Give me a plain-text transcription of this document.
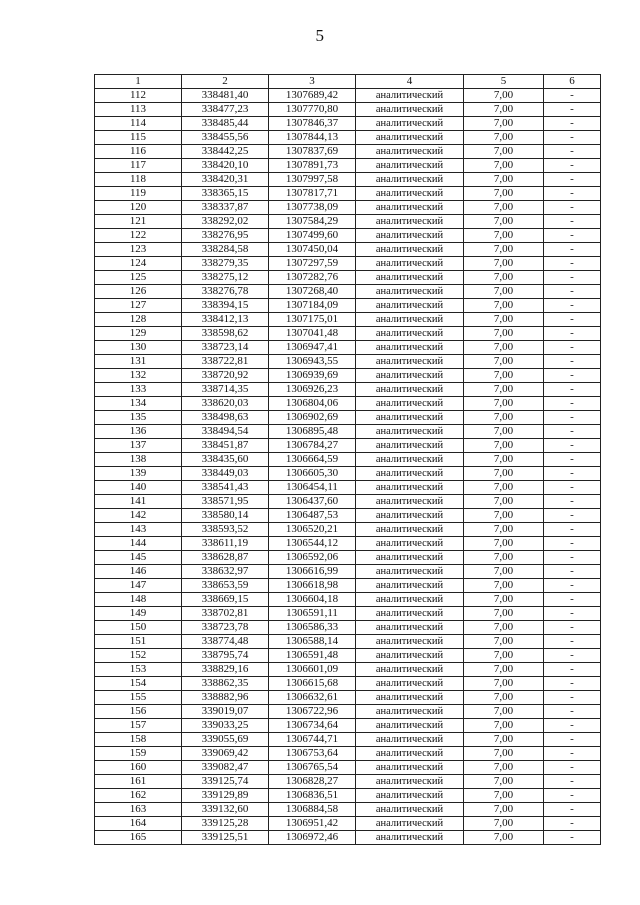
5
1	2	3	4	5	6
112	338481,40	1307689,42	аналитический	7,00	-
113	338477,23	1307770,80	аналитический	7,00	-
114	338485,44	1307846,37	аналитический	7,00	-
115	338455,56	1307844,13	аналитический	7,00	-
116	338442,25	1307837,69	аналитический	7,00	-
117	338420,10	1307891,73	аналитический	7,00	-
118	338420,31	1307997,58	аналитический	7,00	-
119	338365,15	1307817,71	аналитический	7,00	-
120	338337,87	1307738,09	аналитический	7,00	-
121	338292,02	1307584,29	аналитический	7,00	-
122	338276,95	1307499,60	аналитический	7,00	-
123	338284,58	1307450,04	аналитический	7,00	-
124	338279,35	1307297,59	аналитический	7,00	-
125	338275,12	1307282,76	аналитический	7,00	-
126	338276,78	1307268,40	аналитический	7,00	-
127	338394,15	1307184,09	аналитический	7,00	-
128	338412,13	1307175,01	аналитический	7,00	-
129	338598,62	1307041,48	аналитический	7,00	-
130	338723,14	1306947,41	аналитический	7,00	-
131	338722,81	1306943,55	аналитический	7,00	-
132	338720,92	1306939,69	аналитический	7,00	-
133	338714,35	1306926,23	аналитический	7,00	-
134	338620,03	1306804,06	аналитический	7,00	-
135	338498,63	1306902,69	аналитический	7,00	-
136	338494,54	1306895,48	аналитический	7,00	-
137	338451,87	1306784,27	аналитический	7,00	-
138	338435,60	1306664,59	аналитический	7,00	-
139	338449,03	1306605,30	аналитический	7,00	-
140	338541,43	1306454,11	аналитический	7,00	-
141	338571,95	1306437,60	аналитический	7,00	-
142	338580,14	1306487,53	аналитический	7,00	-
143	338593,52	1306520,21	аналитический	7,00	-
144	338611,19	1306544,12	аналитический	7,00	-
145	338628,87	1306592,06	аналитический	7,00	-
146	338632,97	1306616,99	аналитический	7,00	-
147	338653,59	1306618,98	аналитический	7,00	-
148	338669,15	1306604,18	аналитический	7,00	-
149	338702,81	1306591,11	аналитический	7,00	-
150	338723,78	1306586,33	аналитический	7,00	-
151	338774,48	1306588,14	аналитический	7,00	-
152	338795,74	1306591,48	аналитический	7,00	-
153	338829,16	1306601,09	аналитический	7,00	-
154	338862,35	1306615,68	аналитический	7,00	-
155	338882,96	1306632,61	аналитический	7,00	-
156	339019,07	1306722,96	аналитический	7,00	-
157	339033,25	1306734,64	аналитический	7,00	-
158	339055,69	1306744,71	аналитический	7,00	-
159	339069,42	1306753,64	аналитический	7,00	-
160	339082,47	1306765,54	аналитический	7,00	-
161	339125,74	1306828,27	аналитический	7,00	-
162	339129,89	1306836,51	аналитический	7,00	-
163	339132,60	1306884,58	аналитический	7,00	-
164	339125,28	1306951,42	аналитический	7,00	-
165	339125,51	1306972,46	аналитический	7,00	-
